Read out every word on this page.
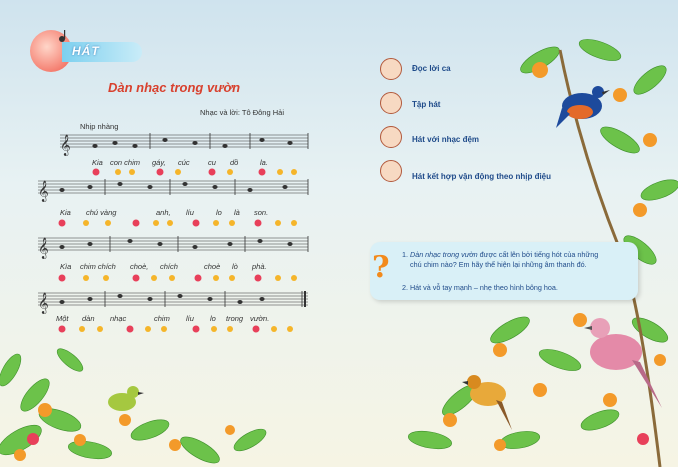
HÁT
Dàn nhạc trong vườn
Nhạc và lời: Tô Đông Hải
Nhịp nhàng
𝄞
𝄞
𝄞
𝄞
Kia con chim gáy, cúc cu dồ	la.
Kia chú vàng	anh, líu	lo là son.
Kìa chim chích choè, chích	choè lò phà.
Một dàn nhạc	chim líu lo trong vườn.
Đọc lời ca
Tập hát
Hát với nhạc đệm
Hát kết hợp vận động theo nhịp điệu
? 1. Dàn nhạc trong vườn được cất lên bởi tiếng hót của những
chú chim nào? Em hãy thể hiện lại những âm thanh đó.
2. Hát và vỗ tay mạnh – nhẹ theo hình bông hoa.
